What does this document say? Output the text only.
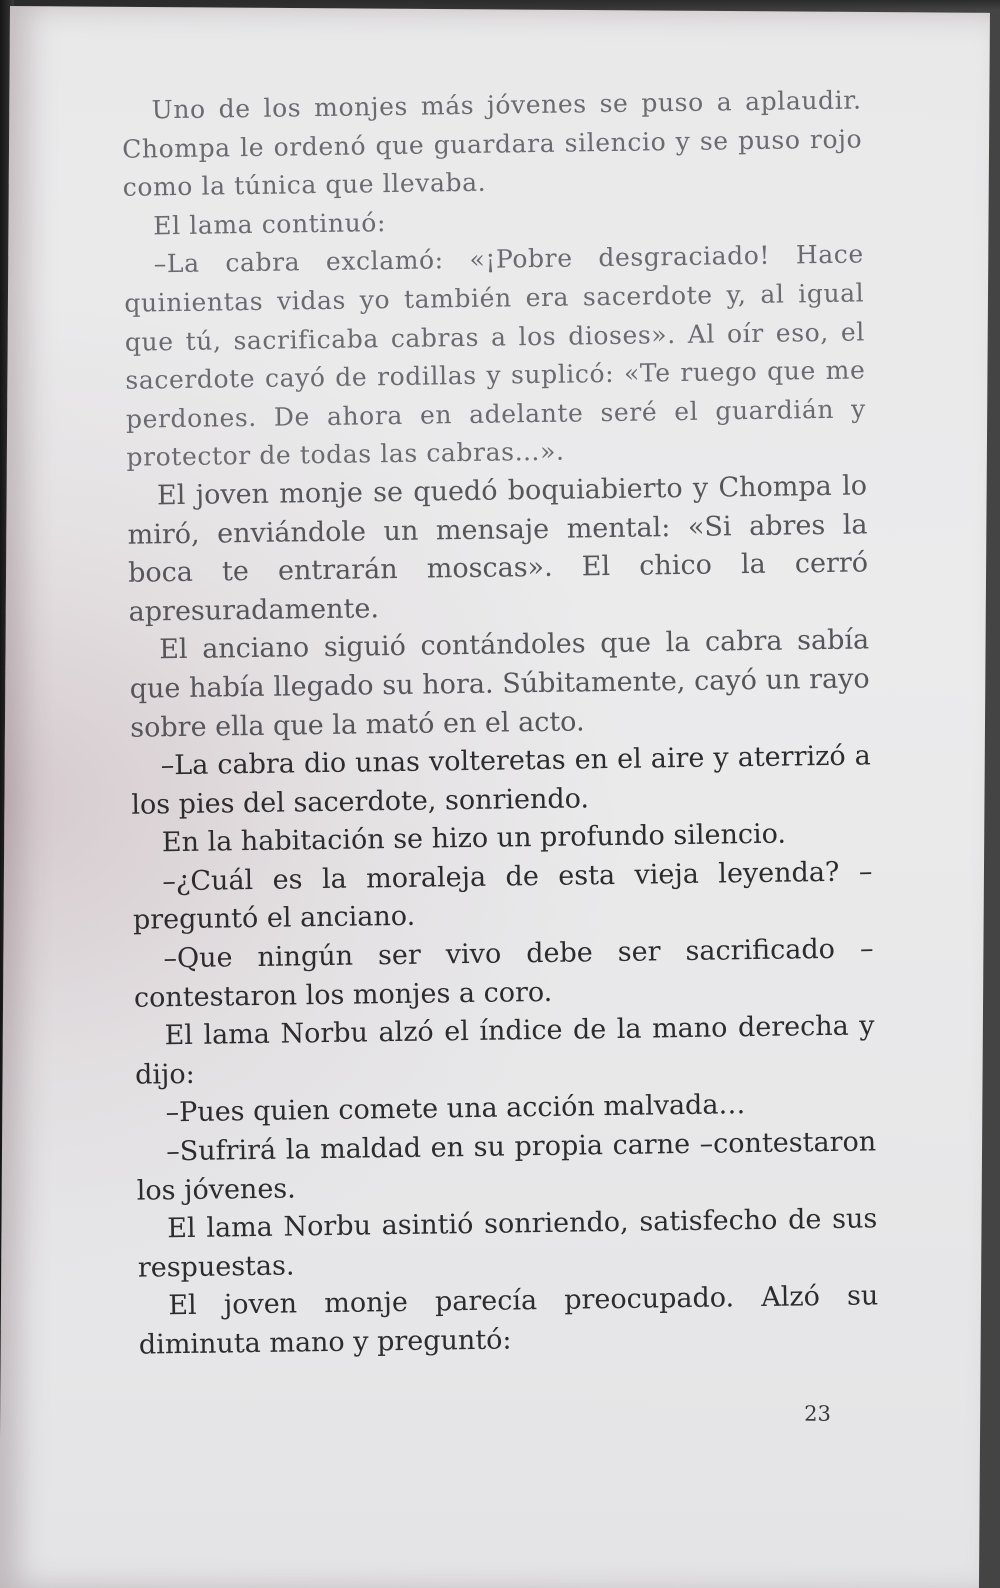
Uno de los monjes más jóvenes se puso a aplaudir. Chompa le ordenó que guardara silencio y se puso rojo como la túnica que llevaba.

El lama continuó:

–La cabra exclamó: «¡Pobre desgraciado! Hace quinientas vidas yo también era sacerdote y, al igual que tú, sacrificaba cabras a los dioses». Al oír eso, el sacerdote cayó de rodillas y suplicó: «Te ruego que me perdones. De ahora en adelante seré el guardián y protector de todas las cabras…».

El joven monje se quedó boquiabierto y Chompa lo miró, enviándole un mensaje mental: «Si abres la boca te entrarán moscas». El chico la cerró apresuradamente.

El anciano siguió contándoles que la cabra sabía que había llegado su hora. Súbitamente, cayó un rayo sobre ella que la mató en el acto.

–La cabra dio unas volteretas en el aire y aterrizó a los pies del sacerdote, sonriendo.

En la habitación se hizo un profundo silencio.

–¿Cuál es la moraleja de esta vieja leyenda? –preguntó el anciano.

–Que ningún ser vivo debe ser sacrificado –contestaron los monjes a coro.

El lama Norbu alzó el índice de la mano derecha y dijo:

–Pues quien comete una acción malvada…

–Sufrirá la maldad en su propia carne –contestaron los jóvenes.

El lama Norbu asintió sonriendo, satisfecho de sus respuestas.

El joven monje parecía preocupado. Alzó su diminuta mano y preguntó:

23
